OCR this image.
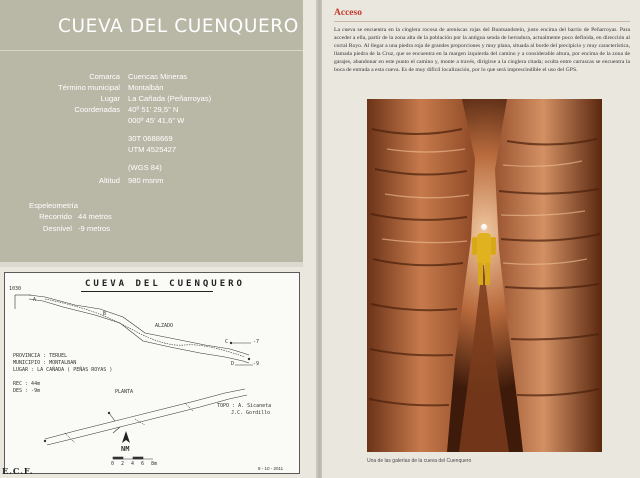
CUEVA DEL CUENQUERO
Comarca Cuencas Mineras
Término municipal Montalbán
Lugar La Cañada (Peñarroyas)
Coordenadas 40º 51' 29,5" N
000º 45' 41,6" W
30T 0688669
UTM 4525427
(WGS 84)
Altitud 980 msnm
Espeleometría
Recorrido 44 metros
Desnivel -9 metros
CUEVA DEL CUENQUERO
1030
ALZADO
-7
-9
PROVINCIA : TERUEL
MUNICIPIO : MONTALBAN
LUGAR : LA CAÑADA ( PEÑAS ROYAS )
REC : 44m
DES : -9m	PLANTA
TOPO : A. Sicaneta
J.C. Gordillo
NM
0 2 4 6 8m
A
B
C
D
E.C.F.	8 - 10 - 2011
Acceso
La cueva se encuentra en la cinglera rocosa de areniscas rojas del Buntsandstein, justo encima del barrio de Peñarroyas. Para acceder a ella, partir de la zona alta de la población por la antigua senda de herradura, actualmente poco definida, en dirección al corral Royo. Al llegar a una piedra roja de grandes proporciones y muy plana, situada al borde del precipicio y muy característica, llamada piedra de la Cruz, que se encuentra en la margen izquierda del camino y a considerable altura, por encima de la zona de garajes, abandonar en este punto el camino y, monte a través, dirigirse a la cinglera citada; oculta entre carrascas se encuentra la boca de entrada a esta cueva. Es de muy difícil localización, por lo que será imprescindible el uso del GPS.
Una de las galerías de la cueva del Cuenquero
